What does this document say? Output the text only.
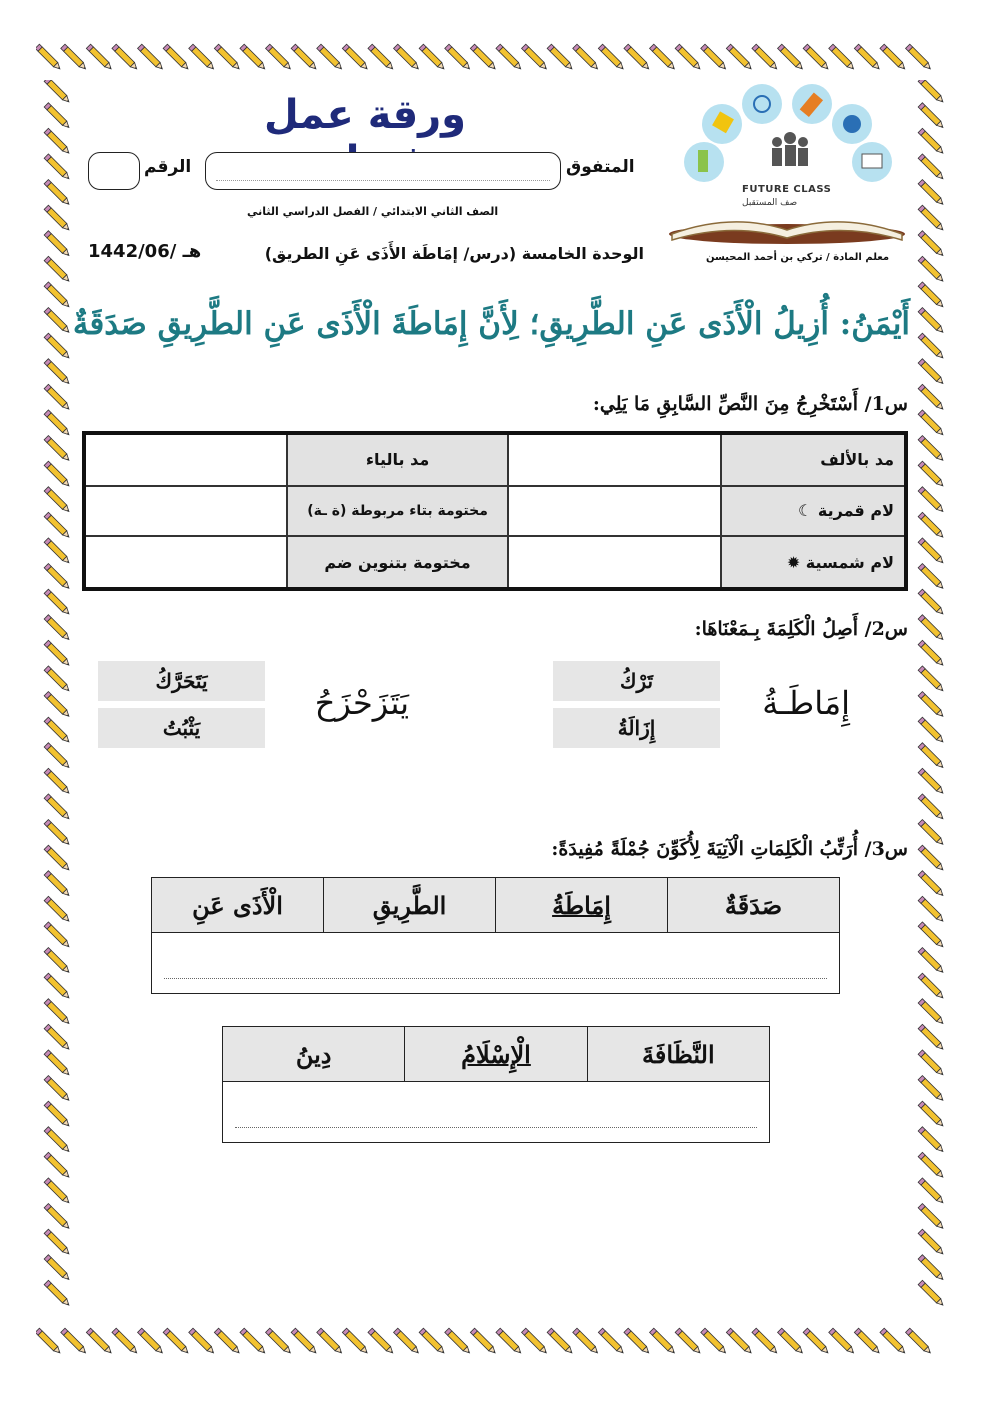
ورقة عمل
FUTURE CLASS
صف المستقبل
المتفوق
الرقم
الصف الثاني الابتدائي / الفصل الدراسي الثاني
الوحدة الخامسة (درس/ إمَاطَة الأَذَى عَنِ الطريق)
1442/06/ هـ	معلم المادة / تركي بن أحمد المحيسن
أَيْمَنُ: أُزِيلُ الْأَذَى عَنِ الطَّرِيقِ؛ لِأَنَّ إِمَاطَةَ الْأَذَى عَنِ الطَّرِيقِ صَدَقَةٌ
س1/ أَسْتَخْرِجُ مِنَ النَّصِّ السَّابِقِ مَا يَلِي:
مد بالألف		مد بالياء	
لام قمرية ☾		مختومة بتاء مربوطة (ة ـة)	
لام شمسية ✹		مختومة بتنوين ضم	
س2/ أَصِلُ الْكَلِمَةَ بِـمَعْنَاهَا:
إِمَاطَـةُ
تَرْكُ
إِزَالَةُ
يَتَزَحْزَحُ
يَتَحَرَّكُ
يَثْبُتُ
س3/ أُرَتِّبُ الْكَلِمَاتِ الْآتِيَةَ لِأُكَوِّنَ جُمْلَةً مُفِيدَةً:
صَدَقَةٌ	إِمَاطَةُ	الطَّرِيقِ	الْأَذَى عَنِ

النَّظَافَةَ	الْإِسْلَامُ	دِينُ
